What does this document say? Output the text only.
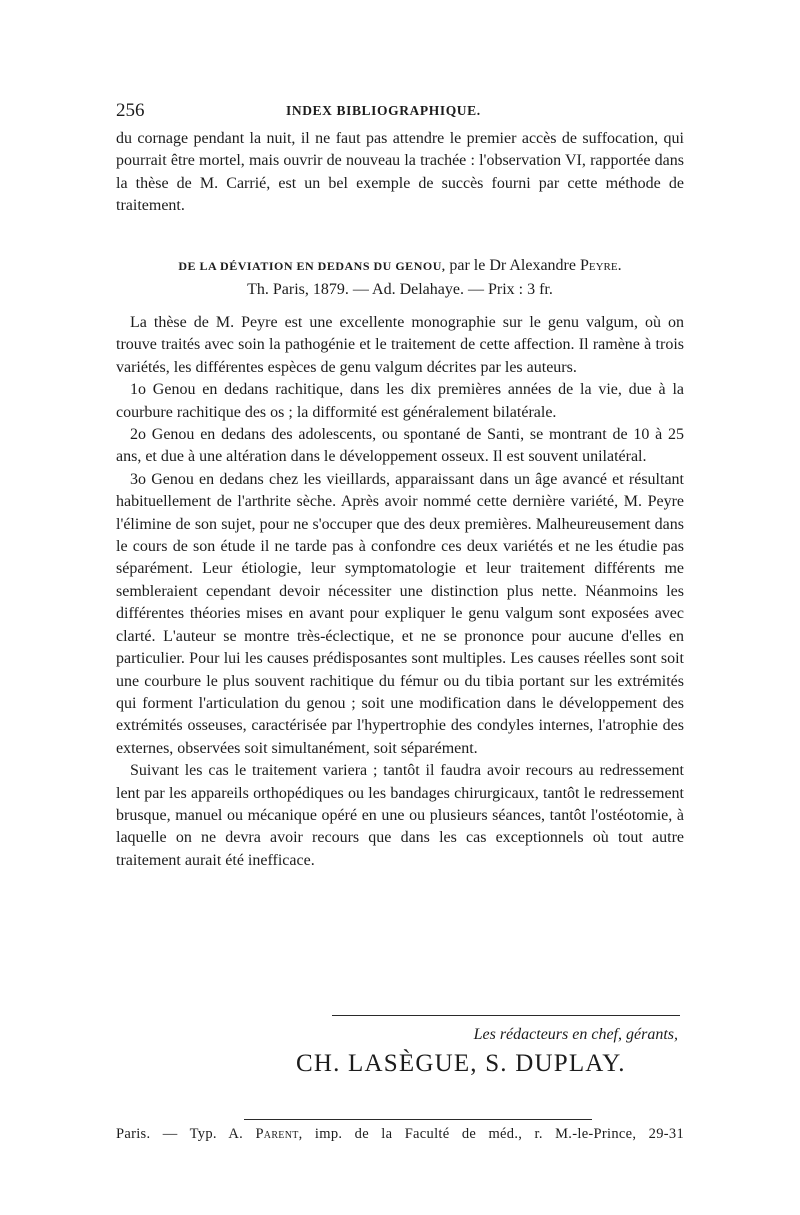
256	INDEX BIBLIOGRAPHIQUE.

du cornage pendant la nuit, il ne faut pas attendre le premier accès de suffocation, qui pourrait être mortel, mais ouvrir de nouveau la trachée : l'observation VI, rapportée dans la thèse de M. Carrié, est un bel exemple de succès fourni par cette méthode de traitement.

DE LA DÉVIATION EN DEDANS DU GENOU, par le Dr Alexandre Peyre.
Th. Paris, 1879. — Ad. Delahaye. — Prix : 3 fr.

La thèse de M. Peyre est une excellente monographie sur le genu valgum, où on trouve traités avec soin la pathogénie et le traitement de cette affection. Il ramène à trois variétés, les différentes espèces de genu valgum décrites par les auteurs.

1o Genou en dedans rachitique, dans les dix premières années de la vie, due à la courbure rachitique des os ; la difformité est généralement bilatérale.

2o Genou en dedans des adolescents, ou spontané de Santi, se montrant de 10 à 25 ans, et due à une altération dans le développement osseux. Il est souvent unilatéral.

3o Genou en dedans chez les vieillards, apparaissant dans un âge avancé et résultant habituellement de l'arthrite sèche. Après avoir nommé cette dernière variété, M. Peyre l'élimine de son sujet, pour ne s'occuper que des deux premières. Malheureusement dans le cours de son étude il ne tarde pas à confondre ces deux variétés et ne les étudie pas séparément. Leur étiologie, leur symptomatologie et leur traitement différents me sembleraient cependant devoir nécessiter une distinction plus nette. Néanmoins les différentes théories mises en avant pour expliquer le genu valgum sont exposées avec clarté. L'auteur se montre très-éclectique, et ne se prononce pour aucune d'elles en particulier. Pour lui les causes prédisposantes sont multiples. Les causes réelles sont soit une courbure le plus souvent rachitique du fémur ou du tibia portant sur les extrémités qui forment l'articulation du genou ; soit une modification dans le développement des extrémités osseuses, caractérisée par l'hypertrophie des condyles internes, l'atrophie des externes, observées soit simultanément, soit séparément.

Suivant les cas le traitement variera ; tantôt il faudra avoir recours au redressement lent par les appareils orthopédiques ou les bandages chirurgicaux, tantôt le redressement brusque, manuel ou mécanique opéré en une ou plusieurs séances, tantôt l'ostéotomie, à laquelle on ne devra avoir recours que dans les cas exceptionnels où tout autre traitement aurait été inefficace.

Les rédacteurs en chef, gérants,
CH. LASÈGUE, S. DUPLAY.
Paris. — Typ. A. Parent, imp. de la Faculté de méd., r. M.-le-Prince, 29-31
